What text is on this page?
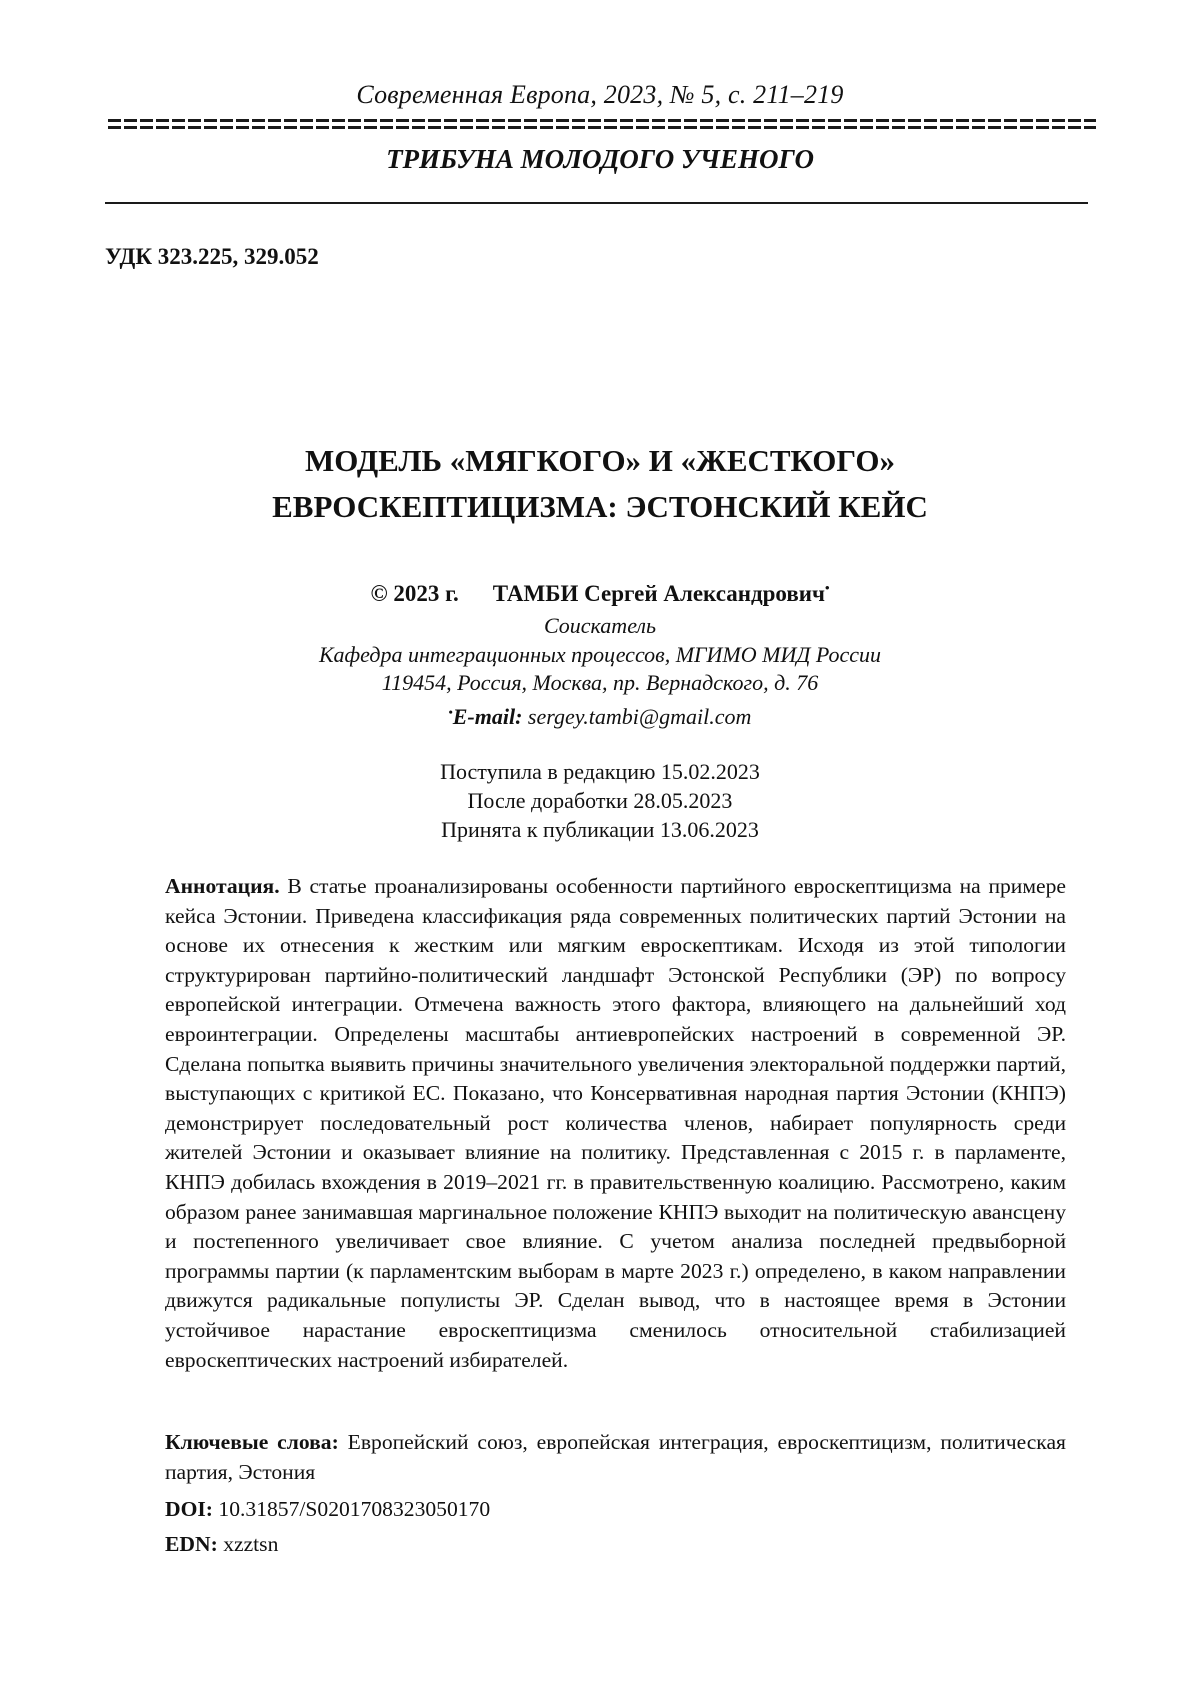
Современная Европа, 2023, № 5, с. 211–219
ТРИБУНА МОЛОДОГО УЧЕНОГО
УДК 323.225, 329.052
МОДЕЛЬ «МЯГКОГО» И «ЖЕСТКОГО»
ЕВРОСКЕПТИЦИЗМА: ЭСТОНСКИЙ КЕЙС
© 2023 г. ТАМБИ Сергей Александрович•
Соискатель
Кафедра интеграционных процессов, МГИМО МИД России
119454, Россия, Москва, пр. Вернадского, д. 76
•E-mail: sergey.tambi@gmail.com
Поступила в редакцию 15.02.2023
После доработки 28.05.2023
Принята к публикации 13.06.2023
Аннотация. В статье проанализированы особенности партийного евроскептицизма на примере кейса Эстонии. Приведена классификация ряда современных политических партий Эстонии на основе их отнесения к жестким или мягким евроскептикам. Исходя из этой типологии структурирован партийно-политический ландшафт Эстонской Республики (ЭР) по вопросу европейской интеграции. Отмечена важность этого фактора, влияющего на дальнейший ход евроинтеграции. Определены масштабы антиевропейских настроений в современной ЭР. Сделана попытка выявить причины значительного увеличения электоральной поддержки партий, выступающих с критикой ЕС. Показано, что Консервативная народная партия Эстонии (КНПЭ) демонстрирует последовательный рост количества членов, набирает популярность среди жителей Эстонии и оказывает влияние на политику. Представленная с 2015 г. в парламенте, КНПЭ добилась вхождения в 2019–2021 гг. в правительственную коалицию. Рассмотрено, каким образом ранее занимавшая маргинальное положение КНПЭ выходит на политическую авансцену и постепенного увеличивает свое влияние. С учетом анализа последней предвыборной программы партии (к парламентским выборам в марте 2023 г.) определено, в каком направлении движутся радикальные популисты ЭР. Сделан вывод, что в настоящее время в Эстонии устойчивое нарастание евроскептицизма сменилось относительной стабилизацией евроскептических настроений избирателей.
Ключевые слова: Европейский союз, европейская интеграция, евроскептицизм, политическая партия, Эстония
DOI: 10.31857/S0201708323050170
EDN: xzztsn
